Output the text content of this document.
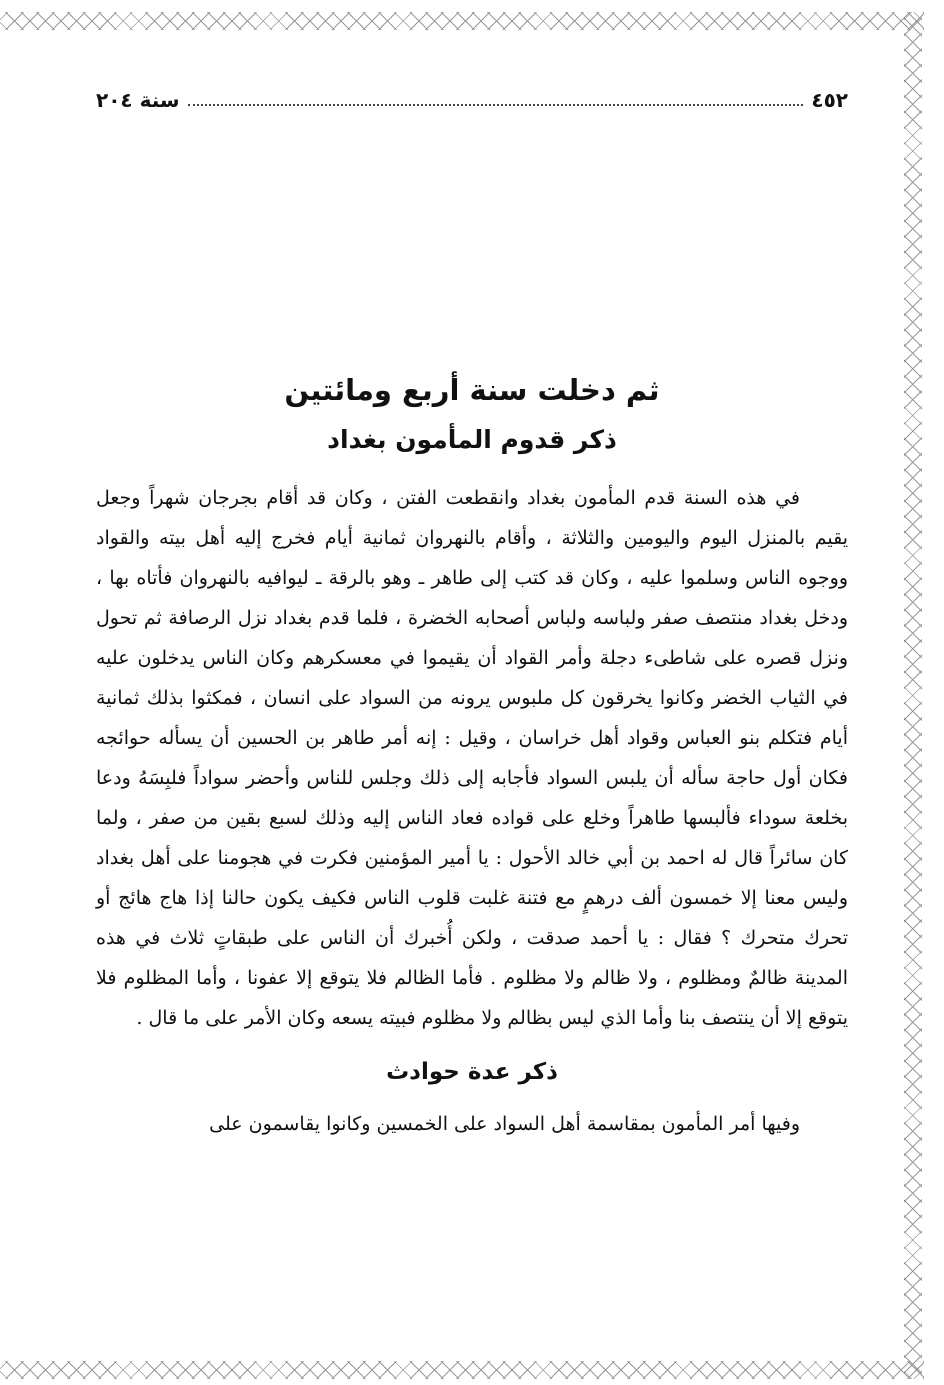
٤٥٢
سنة ٢٠٤
ثم دخلت سنة أربع ومائتين
ذكر قدوم المأمون بغداد

في هذه السنة قدم المأمون بغداد وانقطعت الفتن ، وكان قد أقام بجرجان شهراً وجعل يقيم بالمنزل اليوم واليومين والثلاثة ، وأقام بالنهروان ثمانية أيام فخرج إليه أهل بيته والقواد ووجوه الناس وسلموا عليه ، وكان قد كتب إلى طاهر ـ وهو بالرقة ـ ليوافيه بالنهروان فأتاه بها ، ودخل بغداد منتصف صفر ولباسه ولباس أصحابه الخضرة ، فلما قدم بغداد نزل الرصافة ثم تحول ونزل قصره على شاطىء دجلة وأمر القواد أن يقيموا في معسكرهم وكان الناس يدخلون عليه في الثياب الخضر وكانوا يخرقون كل ملبوس يرونه من السواد على انسان ، فمكثوا بذلك ثمانية أيام فتكلم بنو العباس وقواد أهل خراسان ، وقيل : إنه أمر طاهر بن الحسين أن يسأله حوائجه فكان أول حاجة سأله أن يلبس السواد فأجابه إلى ذلك وجلس للناس وأحضر سواداً فلبِسَهُ ودعا بخلعة سوداء فألبسها طاهراً وخلع على قواده فعاد الناس إليه وذلك لسبع بقين من صفر ، ولما كان سائراً قال له احمد بن أبي خالد الأحول : يا أمير المؤمنين فكرت في هجومنا على أهل بغداد وليس معنا إلا خمسون ألف درهمٍ مع فتنة غلبت قلوب الناس فكيف يكون حالنا إذا هاج هائج أو تحرك متحرك ؟ فقال : يا أحمد صدقت ، ولكن أُخبرك أن الناس على طبقاتٍ ثلاث في هذه المدينة ظالمٌ ومظلوم ، ولا ظالم ولا مظلوم . فأما الظالم فلا يتوقع إلا عفونا ، وأما المظلوم فلا يتوقع إلا أن ينتصف بنا وأما الذي ليس بظالم ولا مظلوم فبيته يسعه وكان الأمر على ما قال .

ذكر عدة حوادث

وفيها أمر المأمون بمقاسمة أهل السواد على الخمسين وكانوا يقاسمون على
